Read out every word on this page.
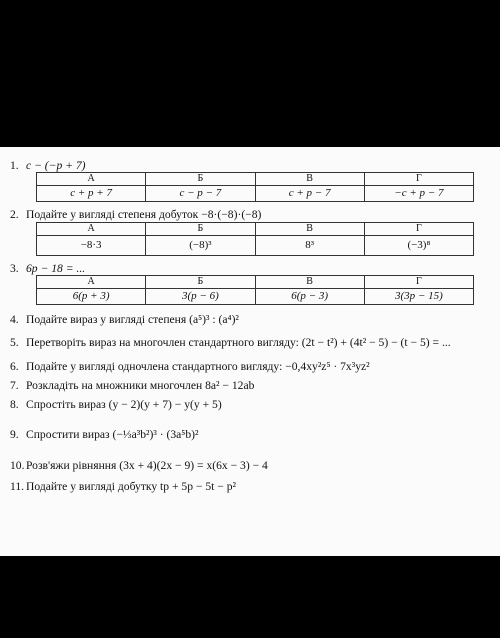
1. c − (−p + 7)
А	Б	В	Г
c + p + 7	c − p − 7	c + p − 7	−c + p − 7
2. Подайте у вигляді степеня добуток −8·(−8)·(−8)
А	Б	В	Г
−8·3	(−8)³	8³	(−3)⁸
3. 6p − 18 = ...
А	Б	В	Г
6(p + 3)	3(p − 6)	6(p − 3)	3(3p − 15)
4. Подайте вираз у вигляді степеня (a⁵)³ : (a⁴)²
5. Перетворіть вираз на многочлен стандартного вигляду: (2t − t²) + (4t² − 5) − (t − 5) = ...
6. Подайте у вигляді одночлена стандартного вигляду: −0,4xy²z⁵ · 7x³yz²
7. Розкладіть на множники многочлен 8a² − 12ab
8. Спростіть вираз (y − 2)(y + 7) − y(y + 5)
9. Спростити вираз (−⅓a³b²)³ · (3a⁵b)²
10. Розв'яжи рівняння (3x + 4)(2x − 9) = x(6x − 3) − 4
11. Подайте у вигляді добутку tp + 5p − 5t − p²
